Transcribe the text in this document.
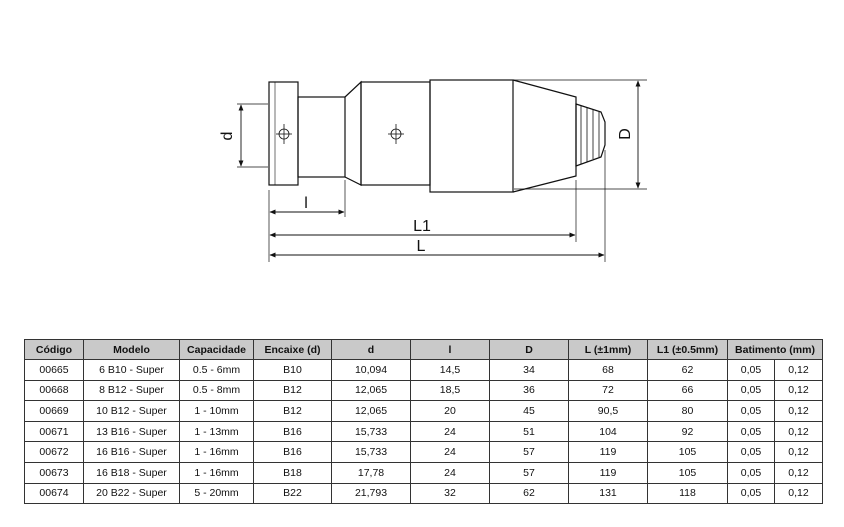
d	D
l
L1
L
Código	Modelo	Capacidade	Encaixe (d)	d	l	D	L (±1mm)	L1 (±0.5mm)	Batimento (mm)	
00665	6 B10 - Super	0.5 - 6mm	B10	10,094	14,5	34	68	62	0,05	0,12
00668	8 B12 - Super	0.5 - 8mm	B12	12,065	18,5	36	72	66	0,05	0,12
00669	10 B12 - Super	1 - 10mm	B12	12,065	20	45	90,5	80	0,05	0,12
00671	13 B16 - Super	1 - 13mm	B16	15,733	24	51	104	92	0,05	0,12
00672	16 B16 - Super	1 - 16mm	B16	15,733	24	57	119	105	0,05	0,12
00673	16 B18 - Super	1 - 16mm	B18	17,78	24	57	119	105	0,05	0,12
00674	20 B22 - Super	5 - 20mm	B22	21,793	32	62	131	118	0,05	0,12
